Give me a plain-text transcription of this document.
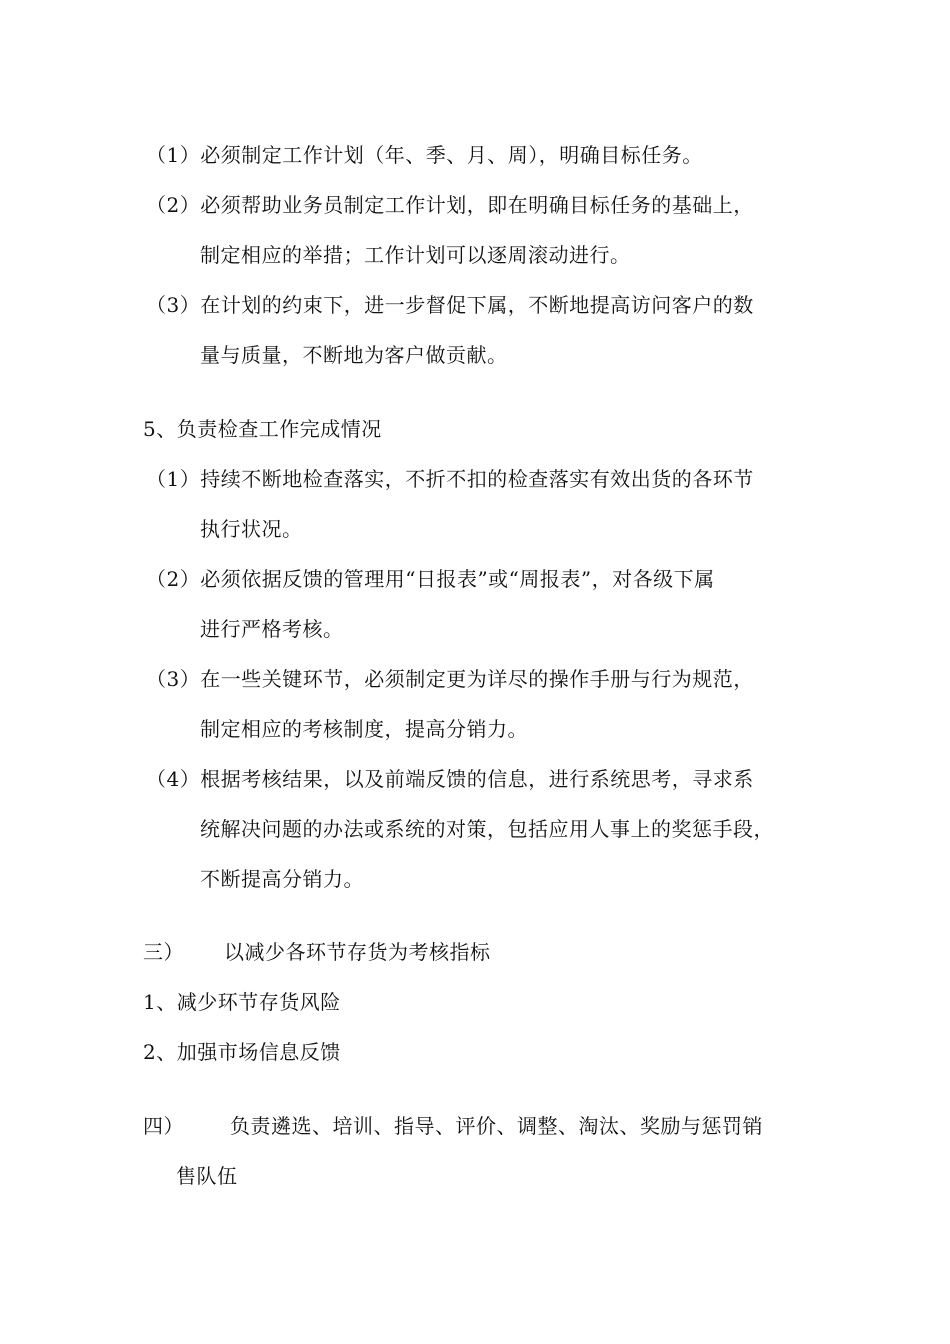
（1）必须制定工作计划（年、季、月、周），明确目标任务。
（2）必须帮助业务员制定工作计划，即在明确目标任务的基础上，
制定相应的举措；工作计划可以逐周滚动进行。
（3）在计划的约束下，进一步督促下属，不断地提高访问客户的数
量与质量，不断地为客户做贡献。
5、负责检查工作完成情况
（1）持续不断地检查落实，不折不扣的检查落实有效出货的各环节
执行状况。
（2）必须依据反馈的管理用“日报表”或“周报表”，对各级下属
进行严格考核。
（3）在一些关键环节，必须制定更为详尽的操作手册与行为规范，
制定相应的考核制度，提高分销力。
（4）根据考核结果，以及前端反馈的信息，进行系统思考，寻求系
统解决问题的办法或系统的对策，包括应用人事上的奖惩手段，
不断提高分销力。
三） 以减少各环节存货为考核指标
1、减少环节存货风险
2、加强市场信息反馈
四） 负责遴选、培训、指导、评价、调整、淘汰、奖励与惩罚销
售队伍
